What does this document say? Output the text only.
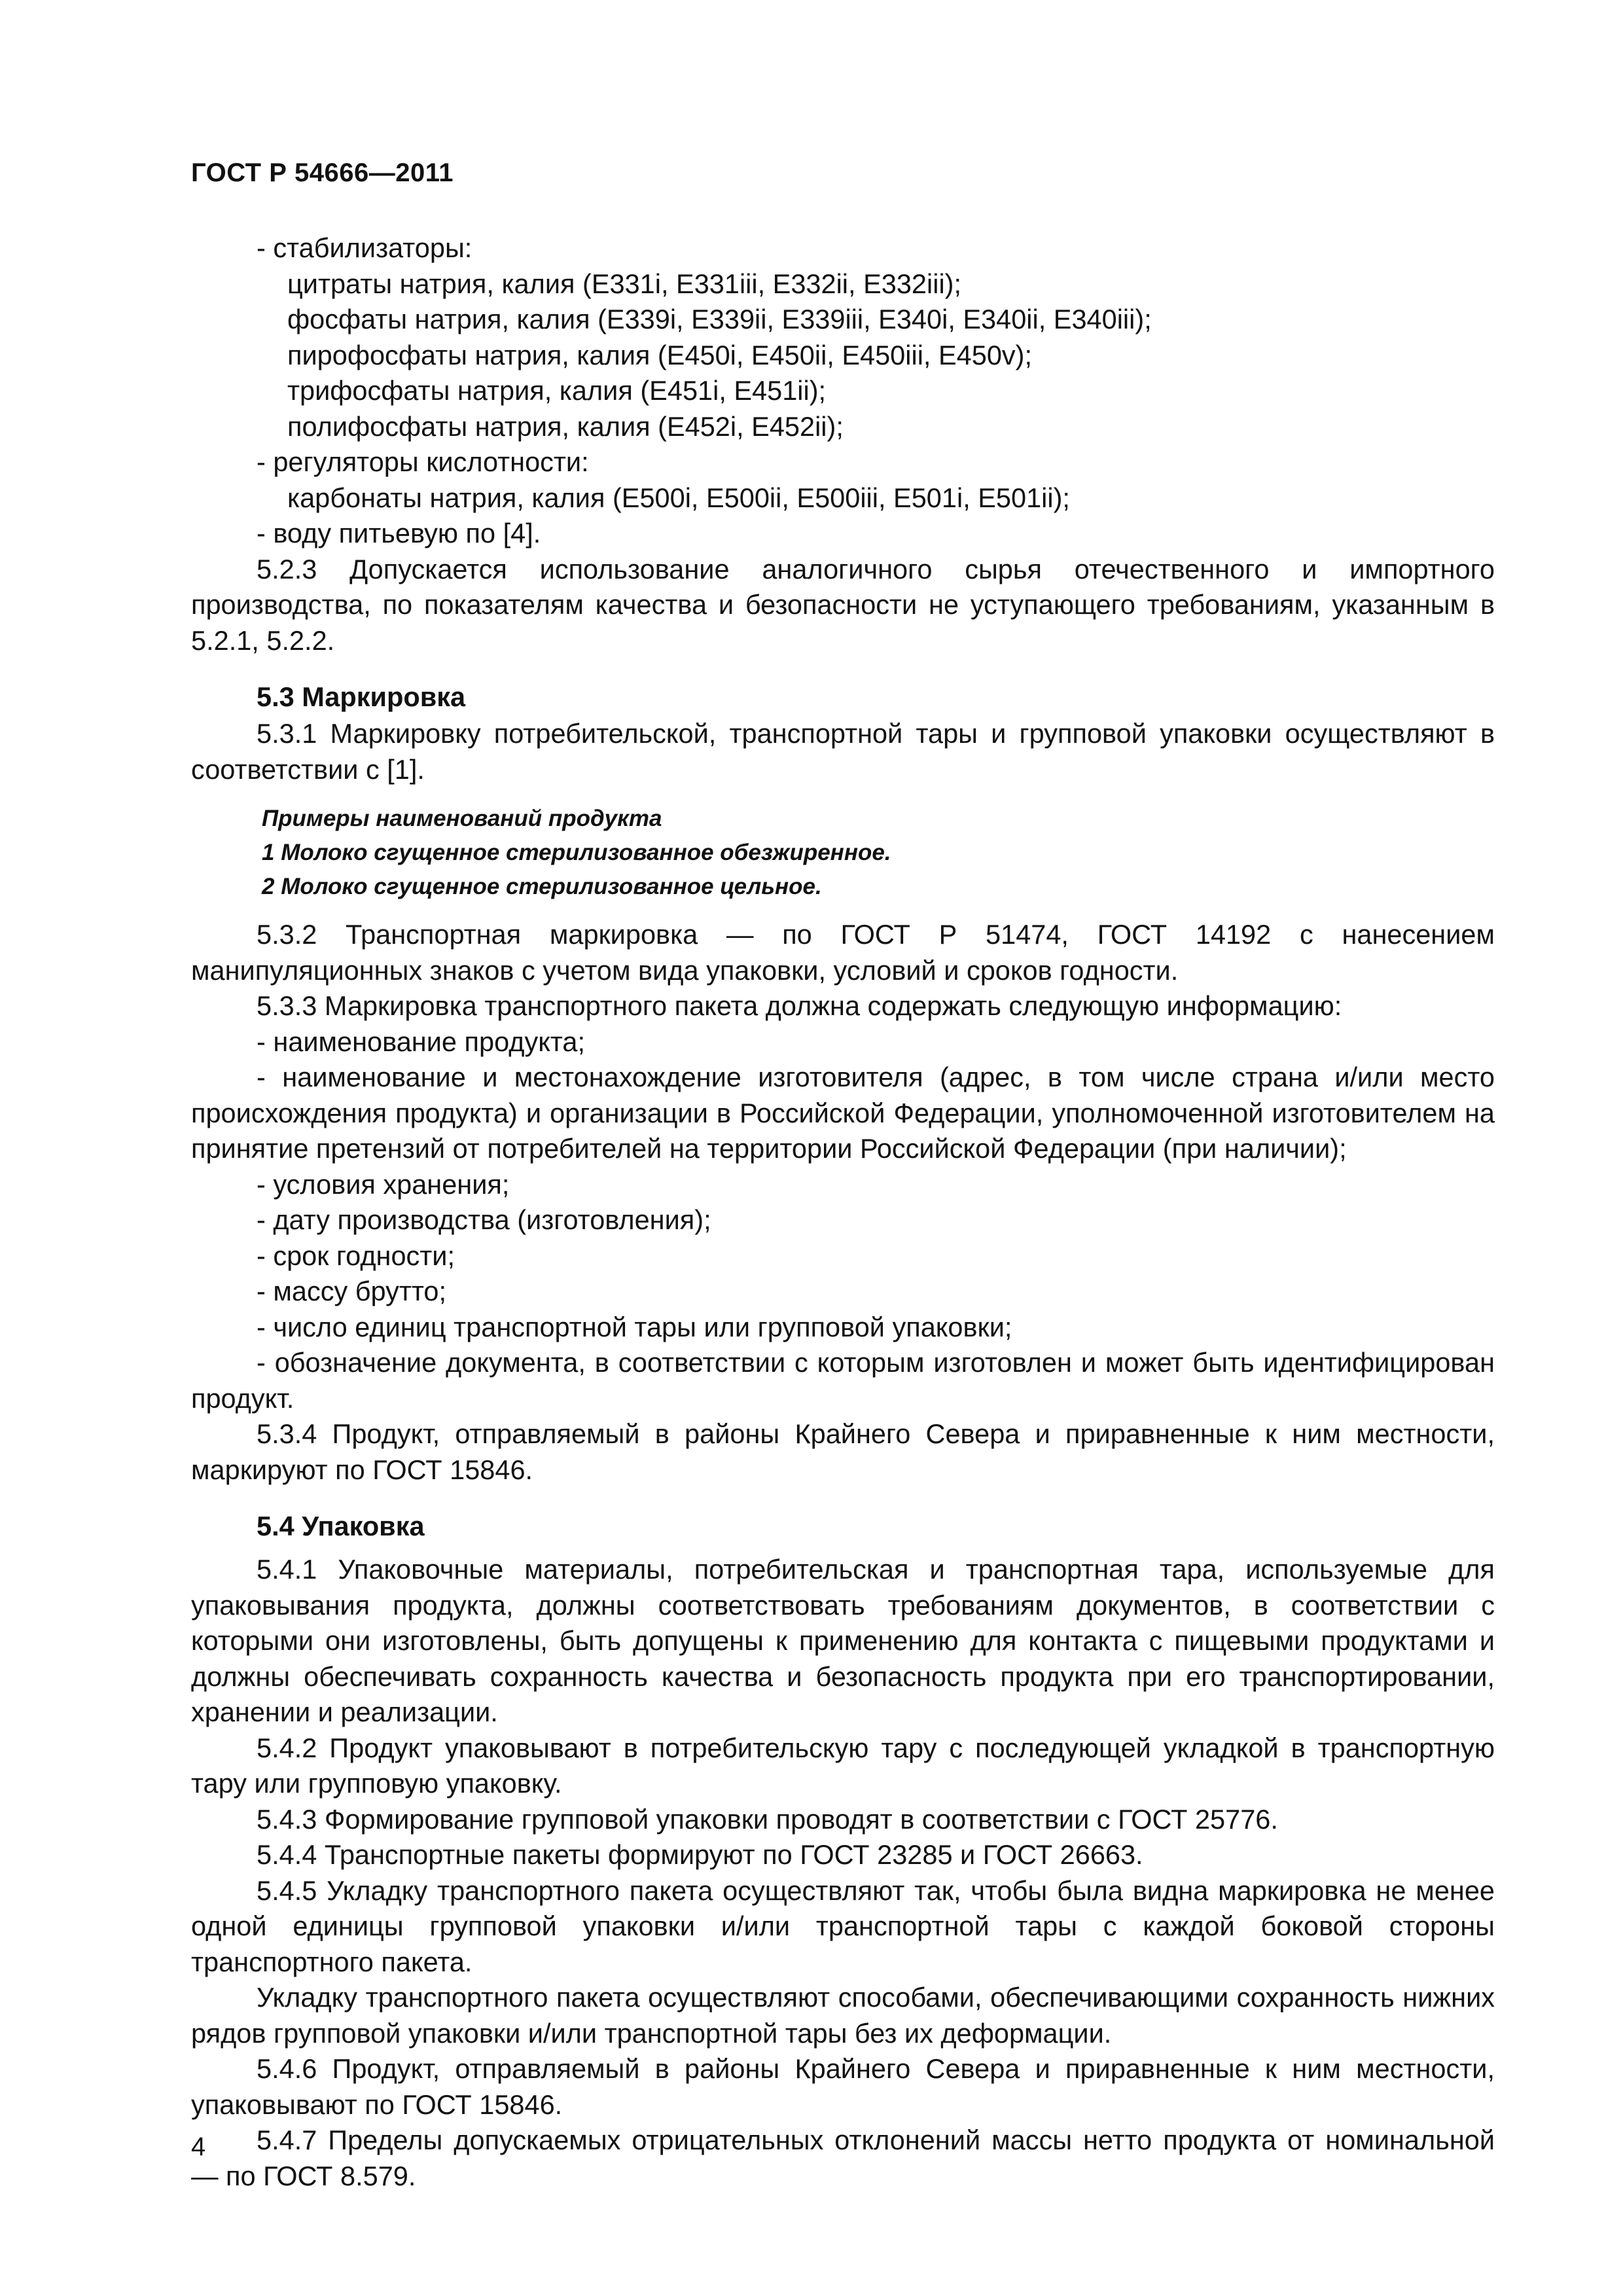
ГОСТ Р 54666—2011

- стабилизаторы:

цитраты натрия, калия (E331i, E331iii, E332ii, E332iii);

фосфаты натрия, калия (E339i, E339ii, E339iii, E340i, E340ii, E340iii);

пирофосфаты натрия, калия (E450i, E450ii, E450iii, E450v);

трифосфаты натрия, калия (E451i, E451ii);

полифосфаты натрия, калия (E452i, E452ii);

- регуляторы кислотности:

карбонаты натрия, калия (E500i, E500ii, E500iii, E501i, E501ii);

- воду питьевую по [4].

5.2.3 Допускается использование аналогичного сырья отечественного и импортного производства, по показателям качества и безопасности не уступающего требованиям, указанным в 5.2.1, 5.2.2.

5.3 Маркировка

5.3.1 Маркировку потребительской, транспортной тары и групповой упаковки осуществляют в соответствии с [1].

Примеры наименований продукта

1 Молоко сгущенное стерилизованное обезжиренное.

2 Молоко сгущенное стерилизованное цельное.

5.3.2 Транспортная маркировка — по ГОСТ Р 51474, ГОСТ 14192 с нанесением манипуляционных знаков с учетом вида упаковки, условий и сроков годности.

5.3.3 Маркировка транспортного пакета должна содержать следующую информацию:

- наименование продукта;

- наименование и местонахождение изготовителя (адрес, в том числе страна и/или место происхождения продукта) и организации в Российской Федерации, уполномоченной изготовителем на принятие претензий от потребителей на территории Российской Федерации (при наличии);

- условия хранения;

- дату производства (изготовления);

- срок годности;

- массу брутто;

- число единиц транспортной тары или групповой упаковки;

- обозначение документа, в соответствии с которым изготовлен и может быть идентифицирован продукт.

5.3.4 Продукт, отправляемый в районы Крайнего Севера и приравненные к ним местности, маркируют по ГОСТ 15846.

5.4 Упаковка

5.4.1 Упаковочные материалы, потребительская и транспортная тара, используемые для упаковывания продукта, должны соответствовать требованиям документов, в соответствии с которыми они изготовлены, быть допущены к применению для контакта с пищевыми продуктами и должны обеспечивать сохранность качества и безопасность продукта при его транспортировании, хранении и реализации.

5.4.2 Продукт упаковывают в потребительскую тару с последующей укладкой в транспортную тару или групповую упаковку.

5.4.3 Формирование групповой упаковки проводят в соответствии с ГОСТ 25776.

5.4.4 Транспортные пакеты формируют по ГОСТ 23285 и ГОСТ 26663.

5.4.5 Укладку транспортного пакета осуществляют так, чтобы была видна маркировка не менее одной единицы групповой упаковки и/или транспортной тары с каждой боковой стороны транспортного пакета.

Укладку транспортного пакета осуществляют способами, обеспечивающими сохранность нижних рядов групповой упаковки и/или транспортной тары без их деформации.

5.4.6 Продукт, отправляемый в районы Крайнего Севера и приравненные к ним местности, упаковывают по ГОСТ 15846.

5.4.7 Пределы допускаемых отрицательных отклонений массы нетто продукта от номинальной — по ГОСТ 8.579.

4
